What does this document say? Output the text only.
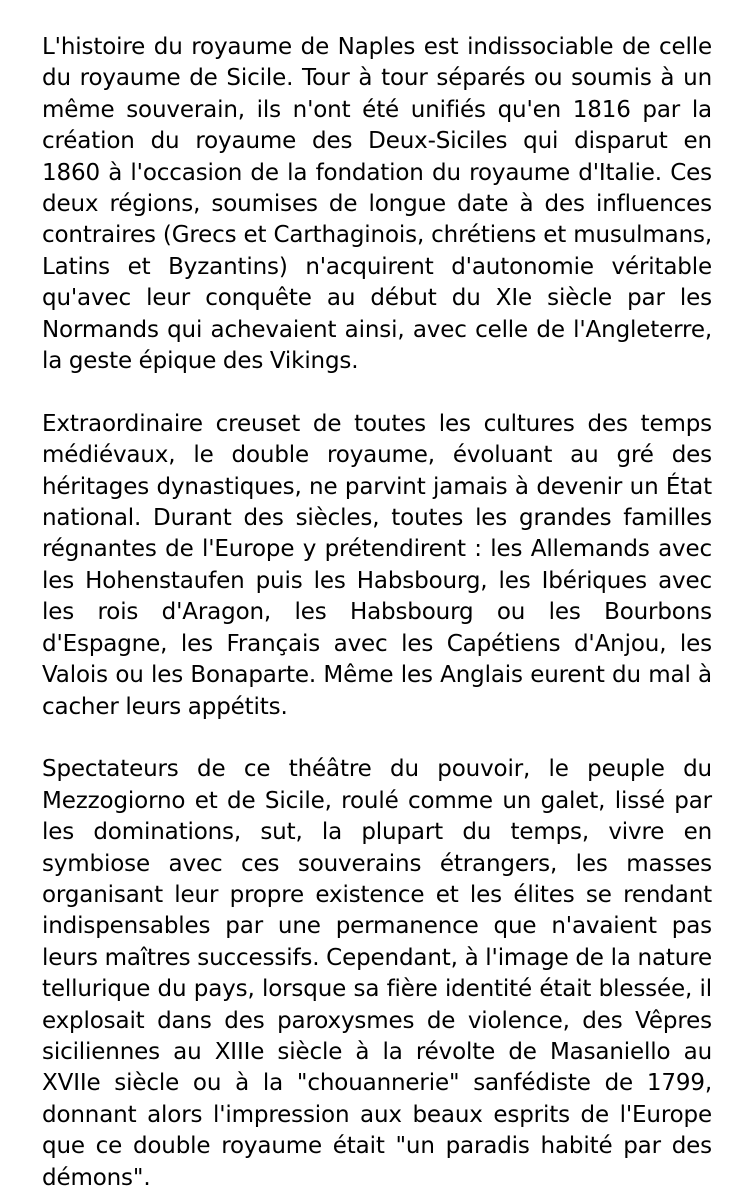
L'histoire du royaume de Naples est indissociable de celle du royaume de Sicile. Tour à tour séparés ou soumis à un même souverain, ils n'ont été unifiés qu'en 1816 par la création du royaume des Deux-Siciles qui disparut en 1860 à l'occasion de la fondation du royaume d'Italie. Ces deux régions, soumises de longue date à des influences contraires (Grecs et Carthaginois, chrétiens et musulmans, Latins et Byzantins) n'acquirent d'autonomie véritable qu'avec leur conquête au début du XIe siècle par les Normands qui achevaient ainsi, avec celle de l'Angleterre, la geste épique des Vikings.

Extraordinaire creuset de toutes les cultures des temps médiévaux, le double royaume, évoluant au gré des héritages dynastiques, ne parvint jamais à devenir un État national. Durant des siècles, toutes les grandes familles régnantes de l'Europe y prétendirent : les Allemands avec les Hohenstaufen puis les Habsbourg, les Ibériques avec les rois d'Aragon, les Habsbourg ou les Bourbons d'Espagne, les Français avec les Capétiens d'Anjou, les Valois ou les Bonaparte. Même les Anglais eurent du mal à cacher leurs appétits.

Spectateurs de ce théâtre du pouvoir, le peuple du Mezzogiorno et de Sicile, roulé comme un galet, lissé par les dominations, sut, la plupart du temps, vivre en symbiose avec ces souverains étrangers, les masses organisant leur propre existence et les élites se rendant indispensables par une permanence que n'avaient pas leurs maîtres successifs. Cependant, à l'image de la nature tellurique du pays, lorsque sa fière identité était blessée, il explosait dans des paroxysmes de violence, des Vêpres siciliennes au XIIIe siècle à la révolte de Masaniello au XVIIe siècle ou à la "chouannerie" sanfédiste de 1799, donnant alors l'impression aux beaux esprits de l'Europe que ce double royaume était "un paradis habité par des démons".
